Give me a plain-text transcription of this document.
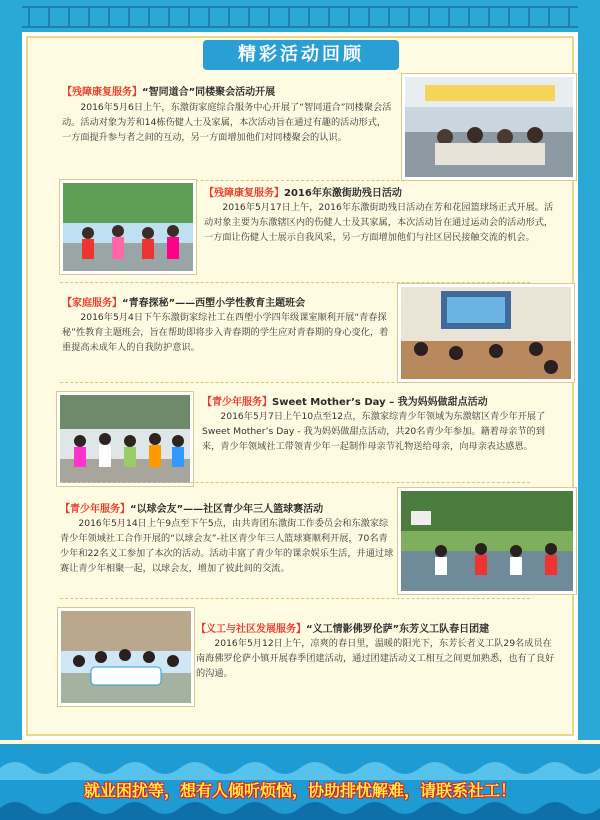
精彩活动回顾
【残障康复服务】“智同道合”同楼聚会活动开展
2016年5月6日上午，东激街家庭综合服务中心开展了“智同道合”同楼聚会活动。活动对象为芳和14栋伤健人士及家属，本次活动旨在通过有趣的活动形式，一方面提升参与者之间的互动，另一方面增加他们对同楼聚会的认识。
【残障康复服务】2016年东激街助残日活动
2016年5月17日上午，2016年东激街助残日活动在芳和花园篮球场正式开展。活动对象主要为东激辖区内的伤健人士及其家属，本次活动旨在通过运动会的活动形式，一方面让伤健人士展示自我风采，另一方面增加他们与社区居民接触交流的机会。
【家庭服务】“青春探秘”——西塱小学性教育主题班会
2016年5月4日下午东激街家综社工在西塱小学四年级课室顺利开展“青春探秘”性教育主题班会，旨在帮助即将步入青春期的学生应对青春期的身心变化，着重提高未成年人的自我防护意识。
【青少年服务】Sweet Mother’s Day – 我为妈妈做甜点活动
2016年5月7日上午10点至12点，东激家综青少年领域为东激辖区青少年开展了Sweet Mother’s Day - 我为妈妈做甜点活动，共20名青少年参加。籍着母亲节的到来，青少年领域社工带领青少年一起制作母亲节礼物送给母亲，向母亲表达感恩。
【青少年服务】“以球会友”——社区青少年三人篮球赛活动
2016年5月14日上午9点至下午5点，由共青团东激街工作委员会和东激家综青少年领域社工合作开展的“以球会友”-社区青少年三人篮球赛顺利开展，70名青少年和22名义工参加了本次的活动。活动丰富了青少年的课余娱乐生活，并通过球赛让青少年相聚一起，以球会友，增加了彼此间的交流。
【义工与社区发展服务】“义工情影佛罗伦萨”东芳义工队春日团建
2016年5月12日上午，凉爽的春日里，温暖的阳光下，东芳长者义工队29名成员在南海佛罗伦萨小镇开展春季团建活动，通过团建活动义工相互之间更加熟悉，也有了良好的沟通。
就业困扰等，想有人倾听烦恼，协助排忧解难，请联系社工！
